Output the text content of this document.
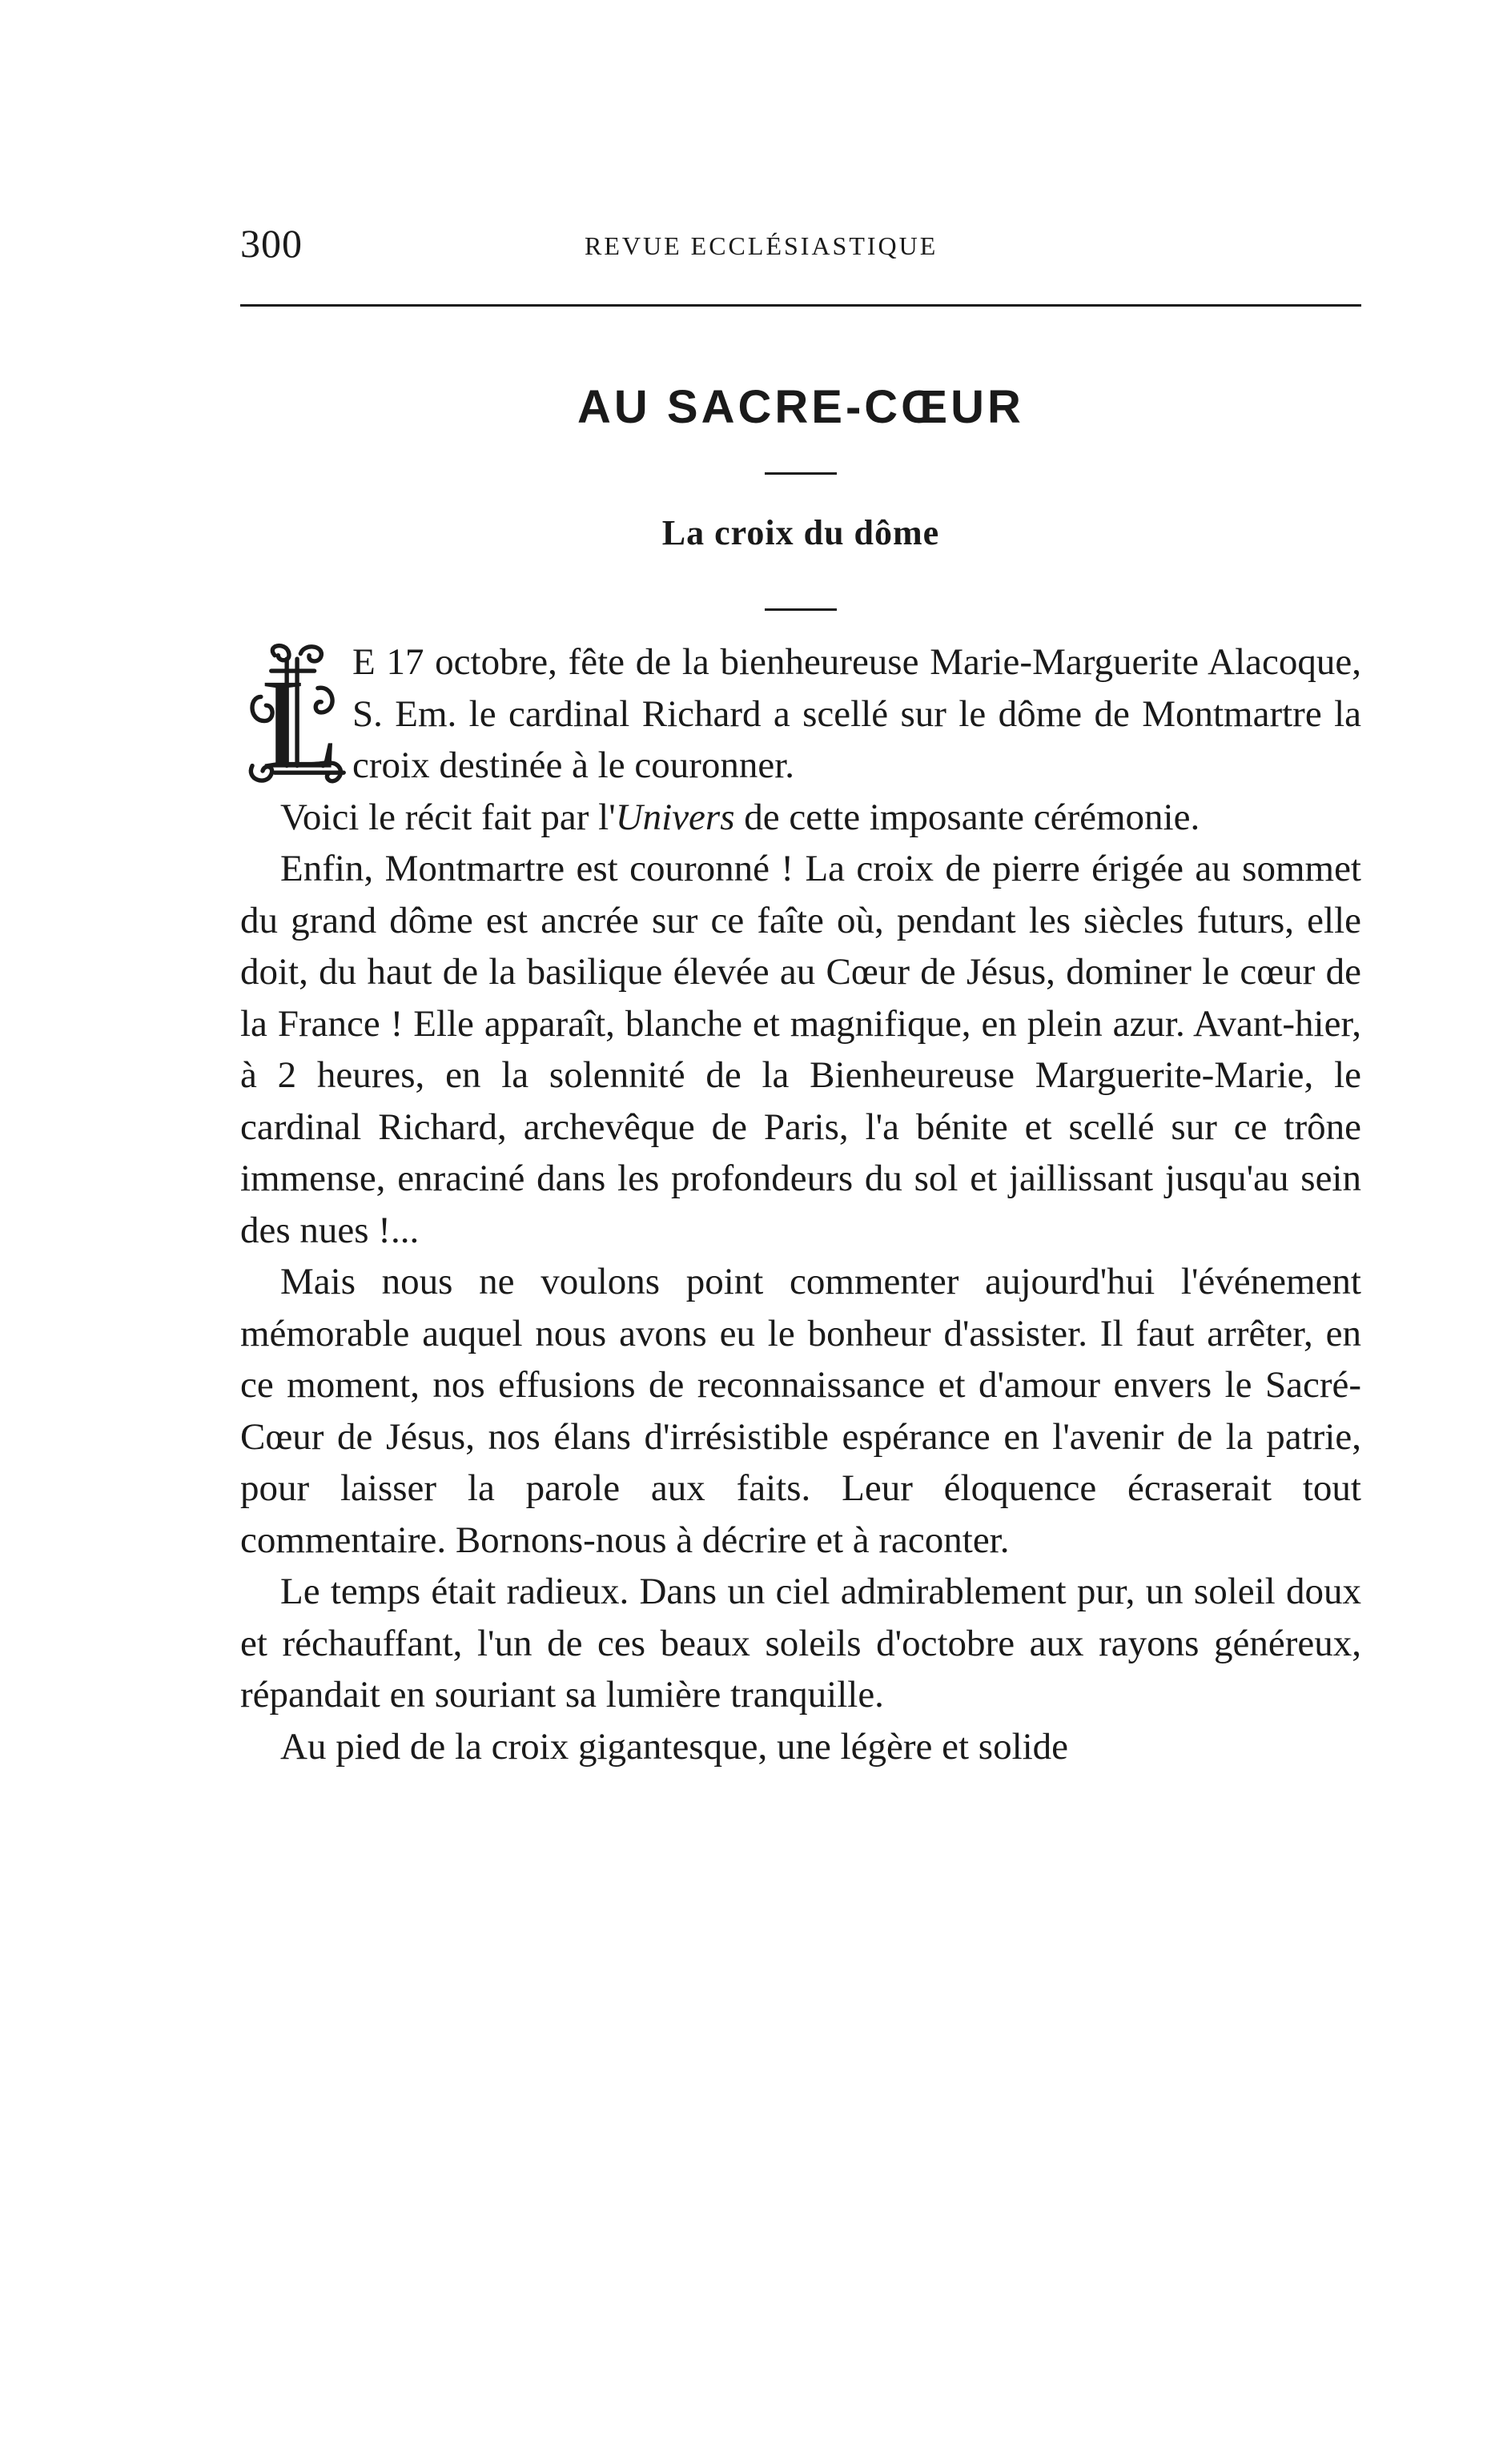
300	REVUE ECCLÉSIASTIQUE
AU SACRE-CŒUR
La croix du dôme

L E 17 octobre, fête de la bienheureuse Marie-Marguerite Alacoque, S. Em. le cardinal Richard a scellé sur le dôme de Montmartre la croix destinée à le couronner.

Voici le récit fait par l'Univers de cette imposante cérémonie.

Enfin, Montmartre est couronné ! La croix de pierre érigée au sommet du grand dôme est ancrée sur ce faîte où, pendant les siècles futurs, elle doit, du haut de la basilique élevée au Cœur de Jésus, dominer le cœur de la France ! Elle apparaît, blanche et magnifique, en plein azur. Avant-hier, à 2 heures, en la solennité de la Bienheureuse Marguerite-Marie, le cardinal Richard, archevêque de Paris, l'a bénite et scellé sur ce trône immense, enraciné dans les profondeurs du sol et jaillissant jusqu'au sein des nues !...

Mais nous ne voulons point commenter aujourd'hui l'événement mémorable auquel nous avons eu le bonheur d'assister. Il faut arrêter, en ce moment, nos effusions de reconnaissance et d'amour envers le Sacré-Cœur de Jésus, nos élans d'irrésistible espérance en l'avenir de la patrie, pour laisser la parole aux faits. Leur éloquence écraserait tout commentaire. Bornons-nous à décrire et à raconter.

Le temps était radieux. Dans un ciel admirablement pur, un soleil doux et réchauffant, l'un de ces beaux soleils d'octobre aux rayons généreux, répandait en souriant sa lumière tranquille.

Au pied de la croix gigantesque, une légère et solide
